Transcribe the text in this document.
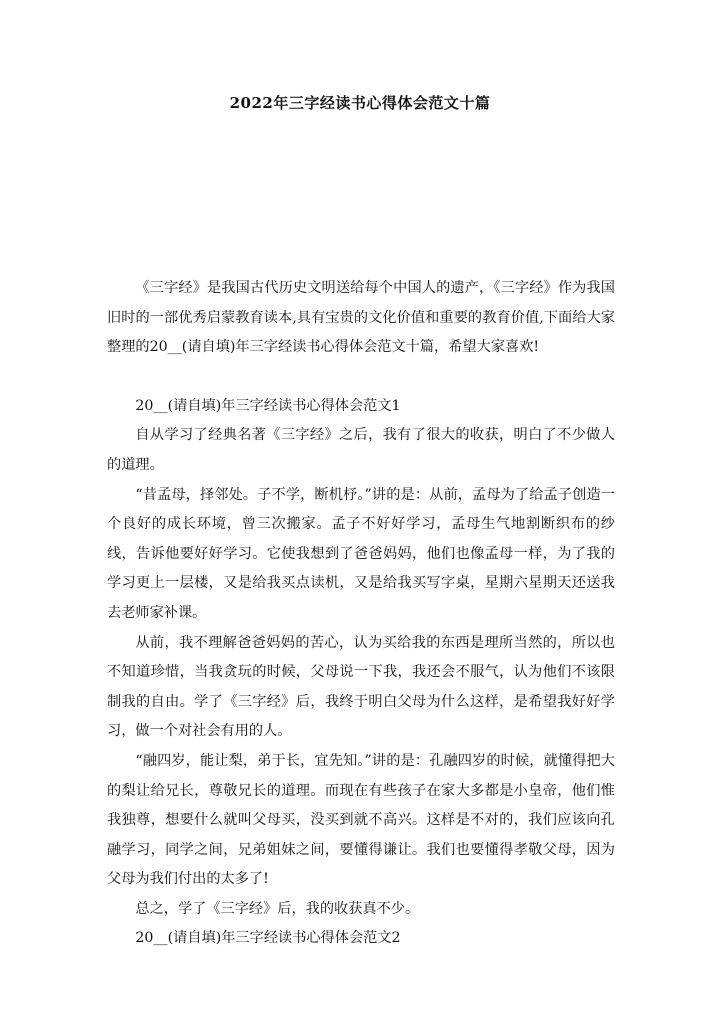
2022年三字经读书心得体会范文十篇

《三字经》是我国古代历史文明送给每个中国人的遗产，《三字经》作为我国旧时的一部优秀启蒙教育读本,具有宝贵的文化价值和重要的教育价值,下面给大家整理的20__(请自填)年三字经读书心得体会范文十篇，希望大家喜欢!

20__(请自填)年三字经读书心得体会范文1

自从学习了经典名著《三字经》之后，我有了很大的收获，明白了不少做人的道理。

“昔孟母，择邻处。子不学，断机杼。”讲的是：从前，孟母为了给孟子创造一个良好的成长环境，曾三次搬家。孟子不好好学习，孟母生气地割断织布的纱线，告诉他要好好学习。它使我想到了爸爸妈妈，他们也像孟母一样，为了我的学习更上一层楼，又是给我买点读机，又是给我买写字桌，星期六星期天还送我去老师家补课。

从前，我不理解爸爸妈妈的苦心，认为买给我的东西是理所当然的，所以也不知道珍惜，当我贪玩的时候，父母说一下我，我还会不服气，认为他们不该限制我的自由。学了《三字经》后，我终于明白父母为什么这样，是希望我好好学习，做一个对社会有用的人。

“融四岁，能让梨，弟于长，宜先知。”讲的是：孔融四岁的时候，就懂得把大的梨让给兄长，尊敬兄长的道理。而现在有些孩子在家大多都是小皇帝，他们惟我独尊，想要什么就叫父母买，没买到就不高兴。这样是不对的，我们应该向孔融学习，同学之间，兄弟姐妹之间，要懂得谦让。我们也要懂得孝敬父母，因为父母为我们付出的太多了!

总之，学了《三字经》后，我的收获真不少。

20__(请自填)年三字经读书心得体会范文2
